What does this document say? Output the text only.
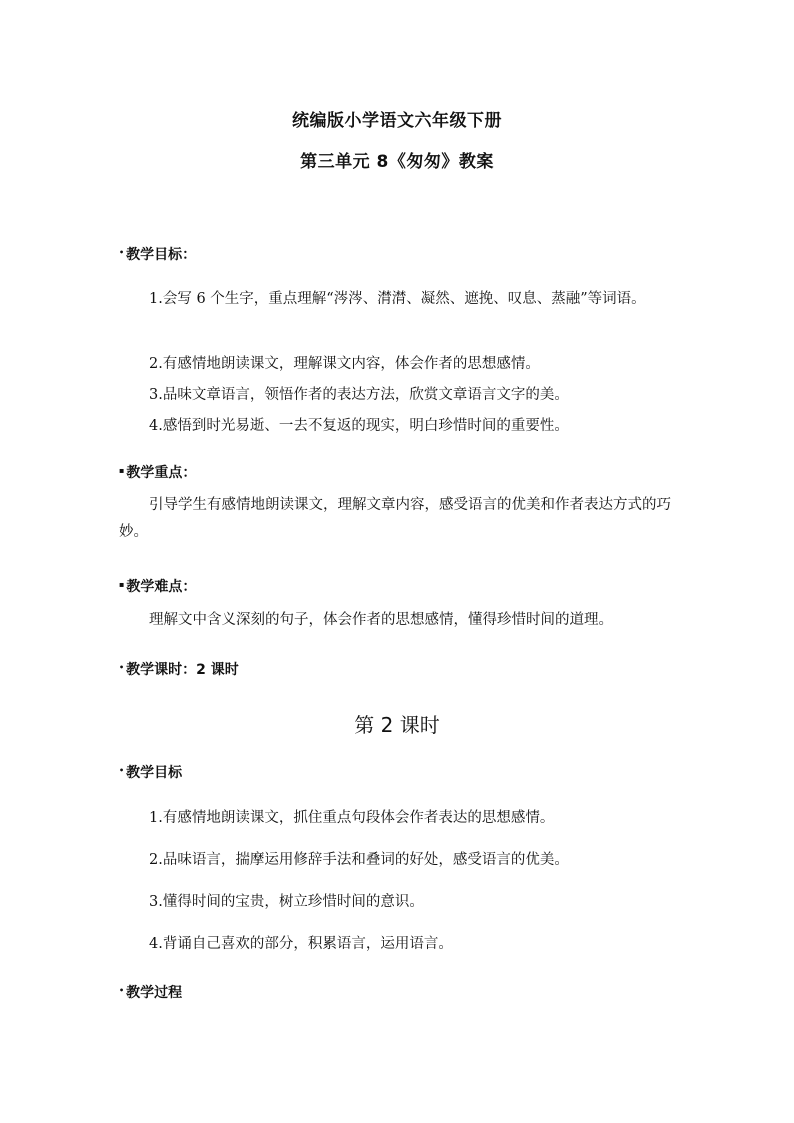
统编版小学语文六年级下册
第三单元 8《匆匆》教案
• 教学目标：
1.会写 6 个生字，重点理解“涔涔、潸潸、凝然、遮挽、叹息、蒸融”等词语。
2.有感情地朗读课文，理解课文内容，体会作者的思想感情。
3.品味文章语言，领悟作者的表达方法，欣赏文章语言文字的美。
4.感悟到时光易逝、一去不复返的现实，明白珍惜时间的重要性。
▪ 教学重点：
引导学生有感情地朗读课文，理解文章内容，感受语言的优美和作者表达方式的巧妙。
▪ 教学难点：
理解文中含义深刻的句子，体会作者的思想感情，懂得珍惜时间的道理。
• 教学课时：2 课时
第 2 课时
• 教学目标
1.有感情地朗读课文，抓住重点句段体会作者表达的思想感情。
2.品味语言，揣摩运用修辞手法和叠词的好处，感受语言的优美。
3.懂得时间的宝贵，树立珍惜时间的意识。
4.背诵自己喜欢的部分，积累语言，运用语言。
• 教学过程
